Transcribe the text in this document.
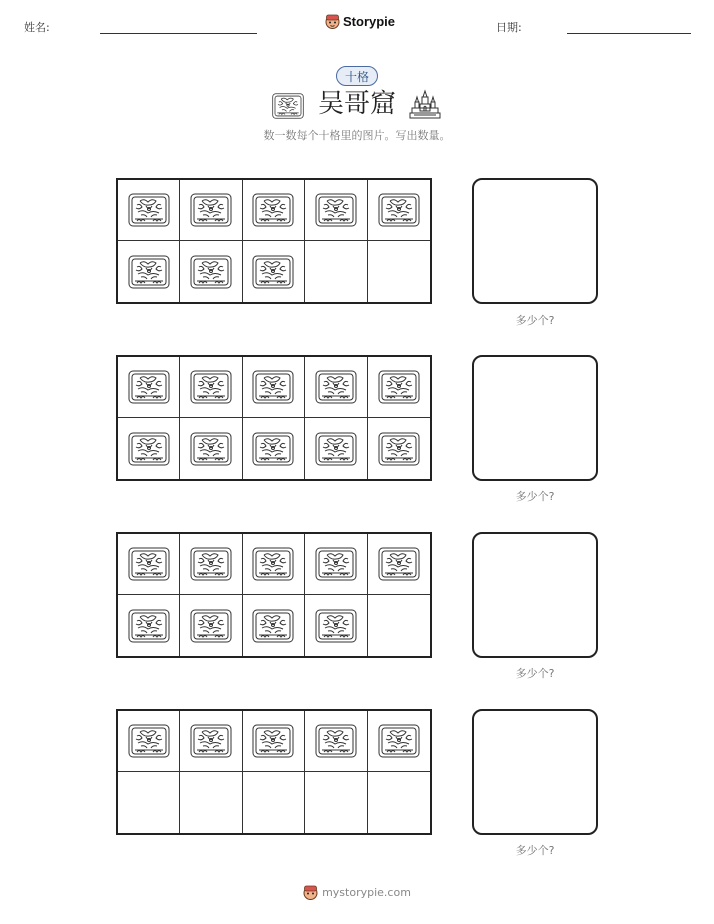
姓名:	Storypie	日期:
十格
吴哥窟
数一数每个十格里的图片。写出数量。
多少个?
多少个?
多少个?
多少个?
mystorypie.com
